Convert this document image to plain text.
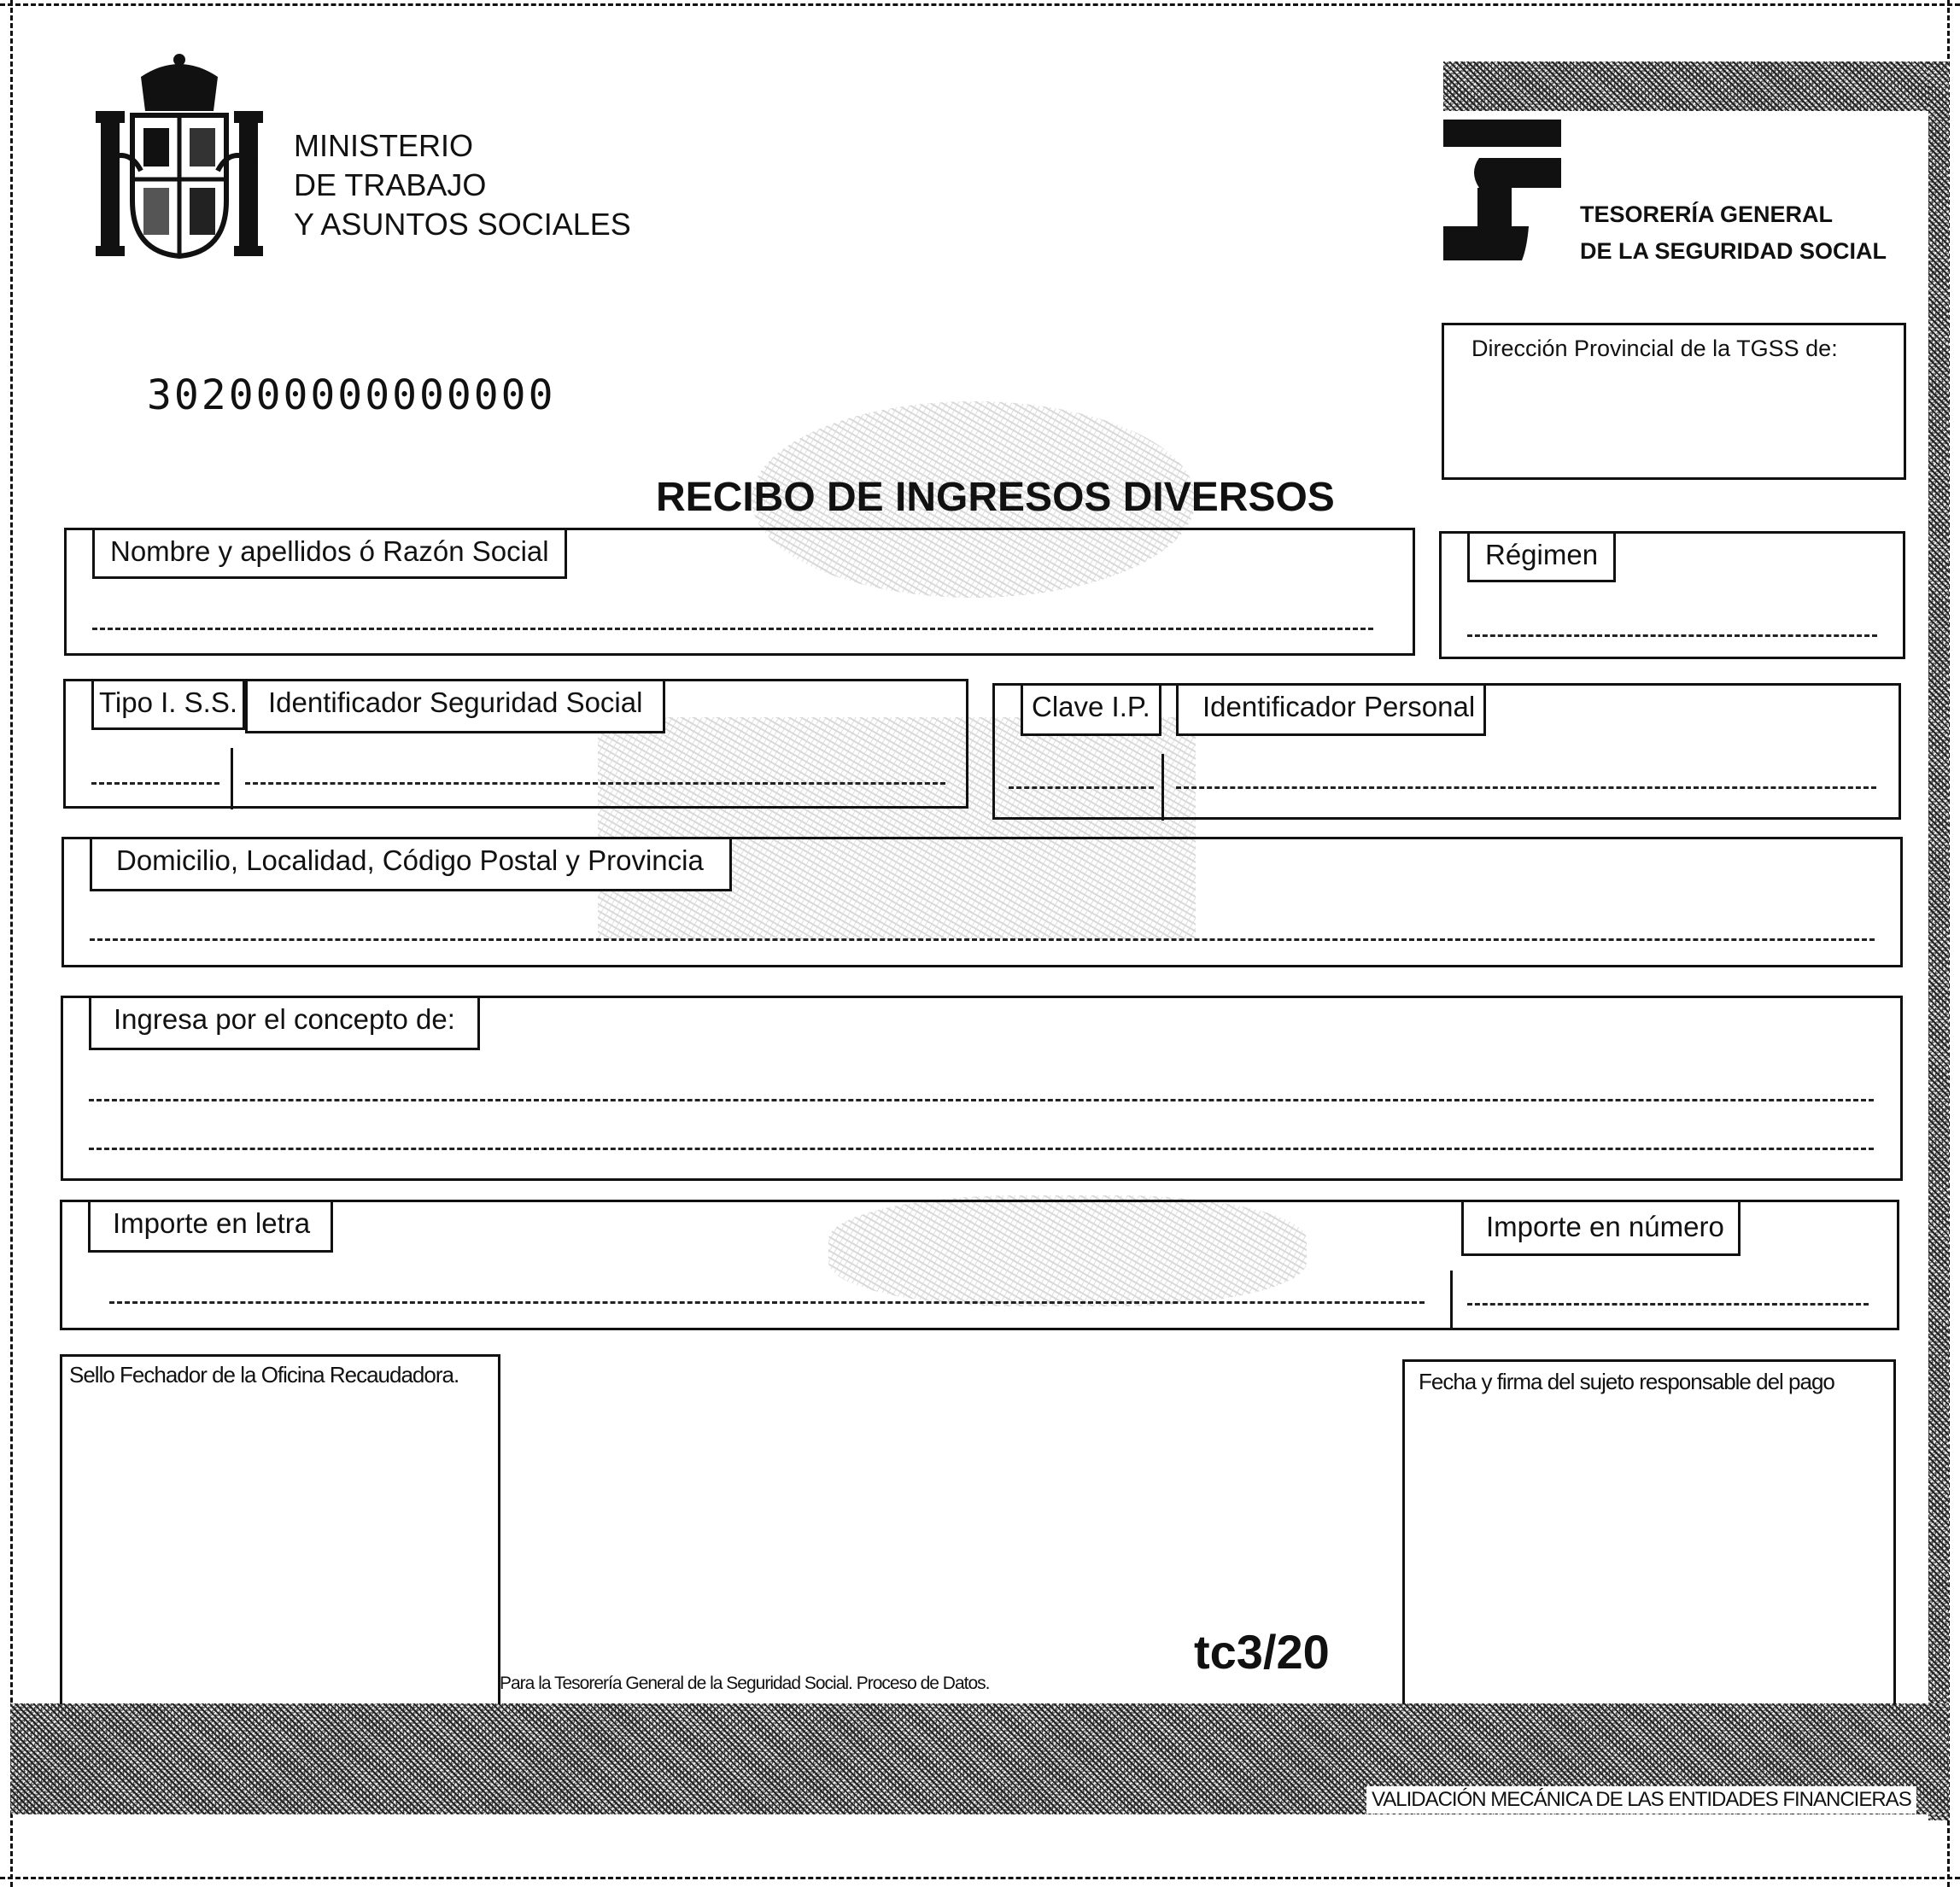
MINISTERIO
DE TRABAJO
Y ASUNTOS SOCIALES	TESORERÍA GENERAL
DE LA SEGURIDAD SOCIAL
302000000000000
Dirección Provincial de la TGSS de:
RECIBO DE INGRESOS DIVERSOS
Nombre y apellidos ó Razón Social	Régimen
Tipo I. S.S.	Identificador Seguridad Social	Clave I.P.	Identificador Personal
Domicilio, Localidad, Código Postal y Provincia
Ingresa por el concepto de:
Importe en letra	Importe en número
Sello Fechador de la Oficina Recaudadora.	Fecha y firma del sujeto responsable del pago
Para la Tesorería General de la Seguridad Social. Proceso de Datos.
tc3/20
VALIDACIÓN MECÁNICA DE LAS ENTIDADES FINANCIERAS
